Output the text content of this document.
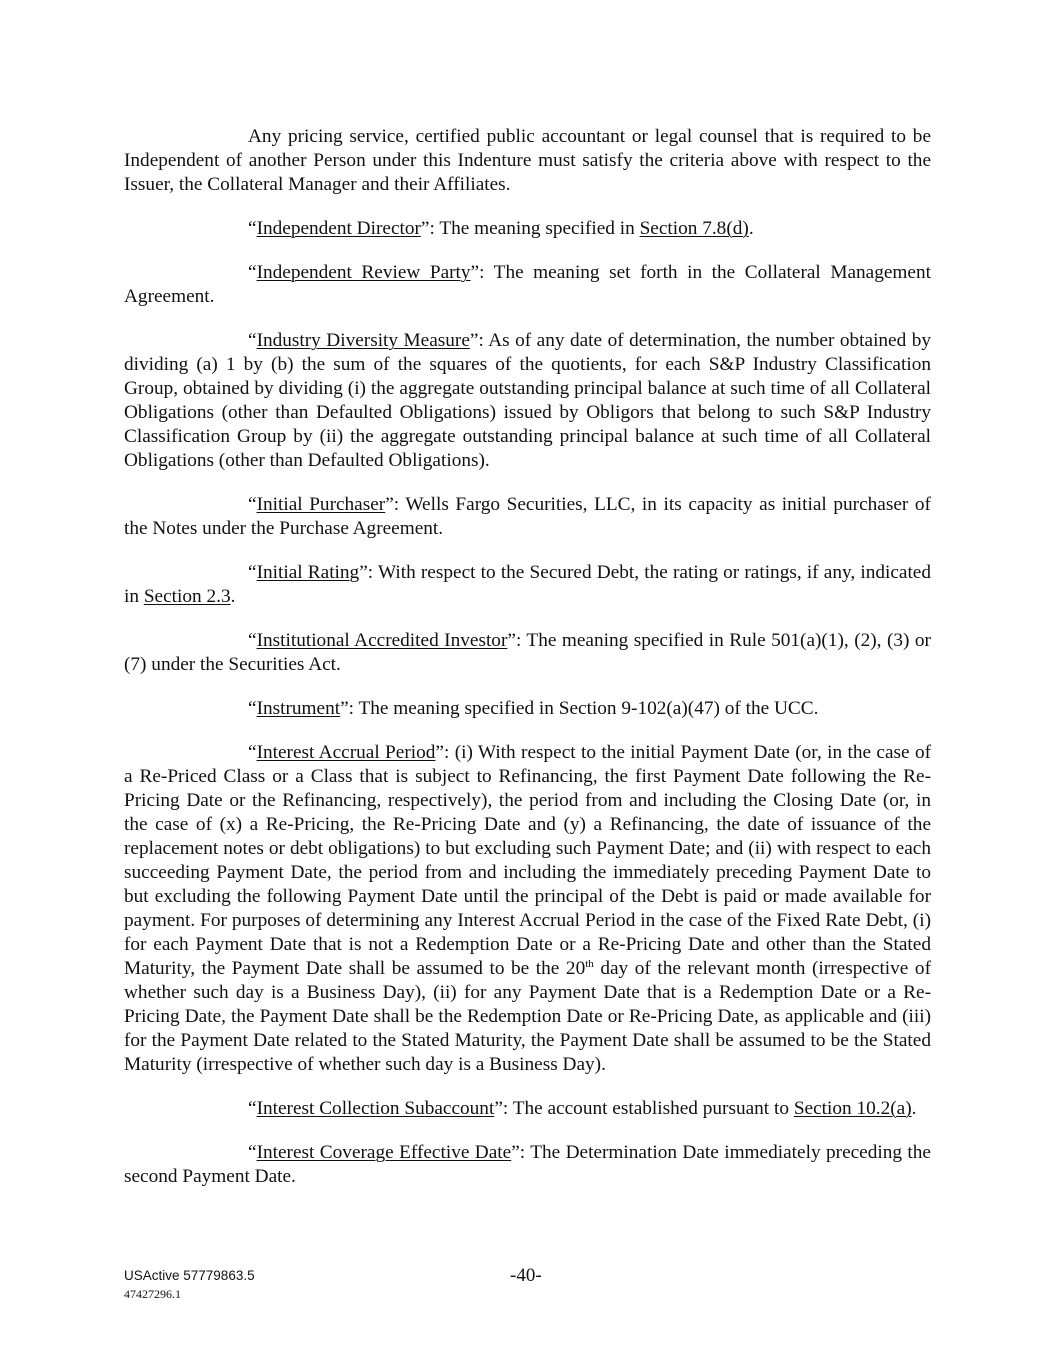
Any pricing service, certified public accountant or legal counsel that is required to be Independent of another Person under this Indenture must satisfy the criteria above with respect to the Issuer, the Collateral Manager and their Affiliates.

“Independent Director”: The meaning specified in Section 7.8(d).

“Independent Review Party”: The meaning set forth in the Collateral Management Agreement.

“Industry Diversity Measure”: As of any date of determination, the number obtained by dividing (a) 1 by (b) the sum of the squares of the quotients, for each S&P Industry Classification Group, obtained by dividing (i) the aggregate outstanding principal balance at such time of all Collateral Obligations (other than Defaulted Obligations) issued by Obligors that belong to such S&P Industry Classification Group by (ii) the aggregate outstanding principal balance at such time of all Collateral Obligations (other than Defaulted Obligations).

“Initial Purchaser”: Wells Fargo Securities, LLC, in its capacity as initial purchaser of the Notes under the Purchase Agreement.

“Initial Rating”: With respect to the Secured Debt, the rating or ratings, if any, indicated in Section 2.3.

“Institutional Accredited Investor”: The meaning specified in Rule 501(a)(1), (2), (3) or (7) under the Securities Act.

“Instrument”: The meaning specified in Section 9-102(a)(47) of the UCC.

“Interest Accrual Period”: (i) With respect to the initial Payment Date (or, in the case of a Re-Priced Class or a Class that is subject to Refinancing, the first Payment Date following the Re-Pricing Date or the Refinancing, respectively), the period from and including the Closing Date (or, in the case of (x) a Re-Pricing, the Re-Pricing Date and (y) a Refinancing, the date of issuance of the replacement notes or debt obligations) to but excluding such Payment Date; and (ii) with respect to each succeeding Payment Date, the period from and including the immediately preceding Payment Date to but excluding the following Payment Date until the principal of the Debt is paid or made available for payment. For purposes of determining any Interest Accrual Period in the case of the Fixed Rate Debt, (i) for each Payment Date that is not a Redemption Date or a Re-Pricing Date and other than the Stated Maturity, the Payment Date shall be assumed to be the 20th day of the relevant month (irrespective of whether such day is a Business Day), (ii) for any Payment Date that is a Redemption Date or a Re-Pricing Date, the Payment Date shall be the Redemption Date or Re-Pricing Date, as applicable and (iii) for the Payment Date related to the Stated Maturity, the Payment Date shall be assumed to be the Stated Maturity (irrespective of whether such day is a Business Day).

“Interest Collection Subaccount”: The account established pursuant to Section 10.2(a).

“Interest Coverage Effective Date”: The Determination Date immediately preceding the second Payment Date.

USActive 57779863.5
47427296.1
-40-
